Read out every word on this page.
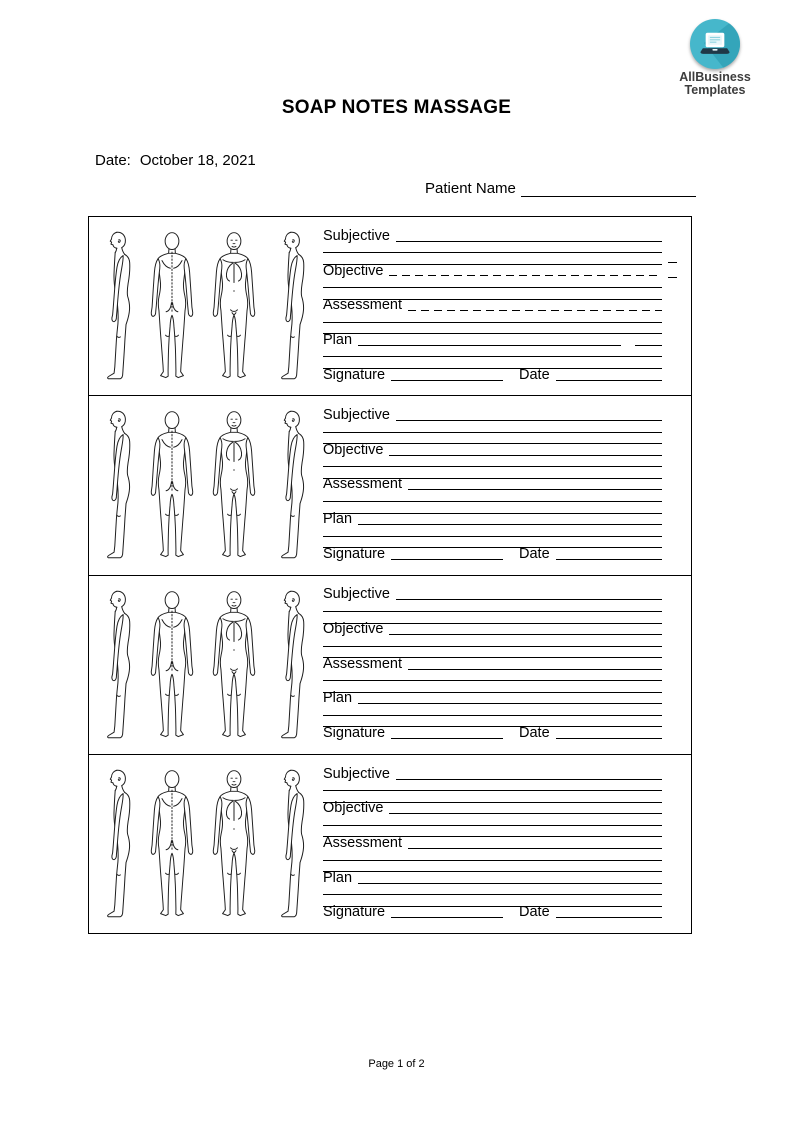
AllBusiness
Templates
SOAP NOTES MASSAGE
Date: October 18, 2021
Patient Name
Subjective
Objective
Assessment
Plan
Signature	Date
Subjective
Objective
Assessment
Plan
Signature	Date
Subjective
Objective
Assessment
Plan
Signature	Date
Subjective
Objective
Assessment
Plan
Signature	Date
Page 1 of 2
